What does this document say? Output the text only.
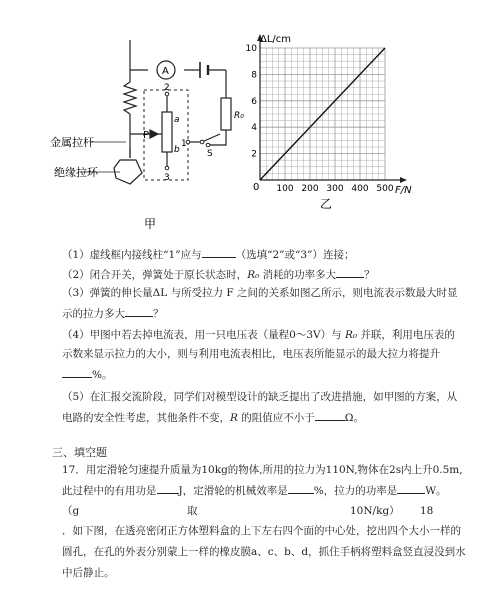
A
P
a
b
2
1
3
S
R₀
金属拉杆
绝缘拉环
甲
100 200 300 400 500
2
4
6
8
10
ΔL/cm
F/N
0
乙
（1）虚线框内接线柱“1”应与	（选填“2”或“3”）连接；
（2）闭合开关，弹簧处于原长状态时，R₀ 消耗的功率多大	？
（3）弹簧的伸长量ΔL 与所受拉力 F 之间的关系如图乙所示，则电流表示数最大时显
示的拉力多大	？
（4）甲图中若去掉电流表，用一只电压表（量程0～3V）与 R₀ 并联，利用电压表的
示数来显示拉力的大小，则与利用电流表相比，电压表所能显示的最大拉力将提升
%。
（5）在汇报交流阶段，同学们对模型设计的缺乏提出了改进措施，如甲图的方案，从
电路的安全性考虑，其他条件不变，R 的阻值应不小于	Ω。
三、填空题
17．用定滑轮匀速提升质量为10kg的物体,所用的拉力为110N,物体在2s内上升0.5m,
此过程中的有用功是 J，定滑轮的机械效率是 %，拉力的功率是	W。
（g	取	10N/kg） 18
．如下图，在透亮密闭正方体塑料盒的上下左右四个面的中心处，挖出四个大小一样的
圆孔，在孔的外表分别蒙上一样的橡皮膜a、c、b、d，抓住手柄将塑料盒竖直浸没到水
中后静止。
